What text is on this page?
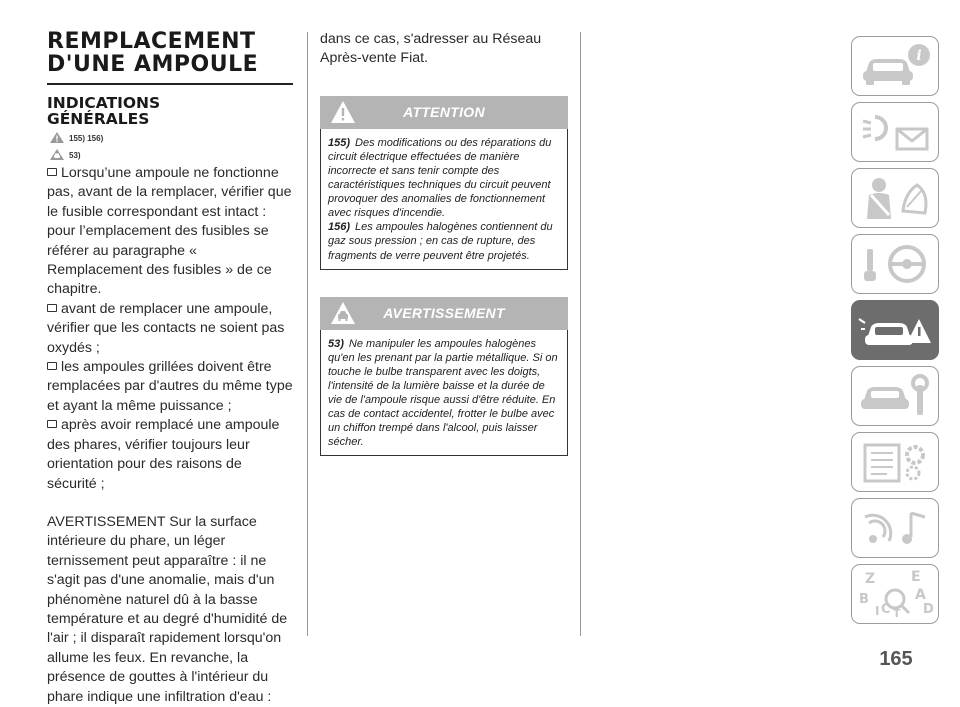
REMPLACEMENT
D'UNE AMPOULE
INDICATIONS
GÉNÉRALES
155) 156)
53)

Lorsqu’une ampoule ne fonctionne pas, avant de la remplacer, vérifier que le fusible correspondant est intact : pour l’emplacement des fusibles se référer au paragraphe « Remplacement des fusibles » de ce chapitre.

avant de remplacer une ampoule, vérifier que les contacts ne soient pas oxydés ;

les ampoules grillées doivent être remplacées par d'autres du même type et ayant la même puissance ;

après avoir remplacé une ampoule des phares, vérifier toujours leur orientation pour des raisons de sécurité ;

AVERTISSEMENT Sur la surface intérieure du phare, un léger ternissement peut apparaître : il ne s'agit pas d'une anomalie, mais d'un phénomène naturel dû à la basse température et au degré d'humidité de l'air ; il disparaît rapidement lorsqu'on allume les feux. En revanche, la présence de gouttes à l'intérieur du phare indique une infiltration d'eau :

dans ce cas, s'adresser au Réseau Après-vente Fiat.

ATTENTION

155) Des modifications ou des réparations du circuit électrique effectuées de manière incorrecte et sans tenir compte des caractéristiques techniques du circuit peuvent provoquer des anomalies de fonctionnement avec risques d'incendie.

156) Les ampoules halogènes contiennent du gaz sous pression ; en cas de rupture, des fragments de verre peuvent être projetés.

AVERTISSEMENT

53) Ne manipuler les ampoules halogènes qu'en les prenant par la partie métallique. Si on touche le bulbe transparent avec les doigts, l'intensité de la lumière baisse et la durée de vie de l'ampoule risque aussi d'être réduite. En cas de contact accidentel, frotter le bulbe avec un chiffon trempé dans l'alcool, puis laisser sécher.

i
Z	E
B	A
C D
I T
165
